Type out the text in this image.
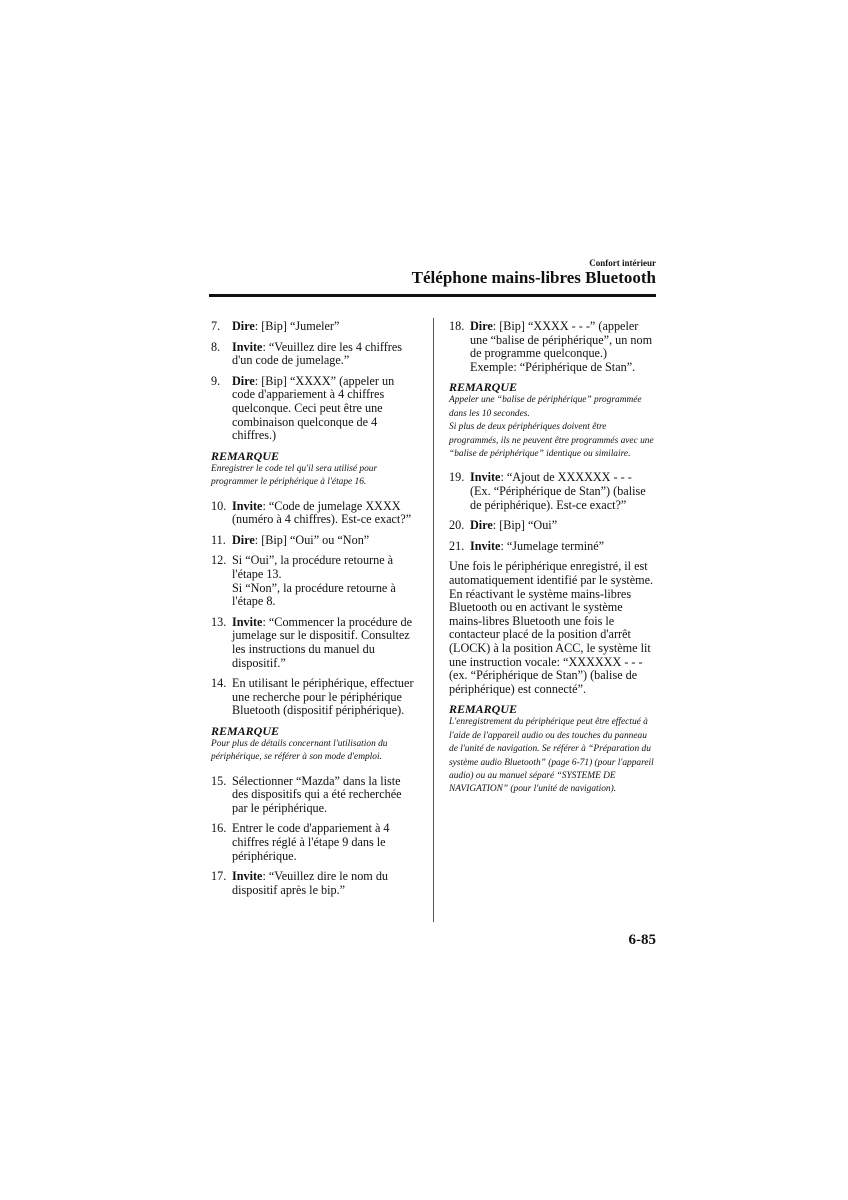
Confort intérieur
Téléphone mains-libres Bluetooth
7. Dire: [Bip] “Jumeler”
8. Invite: “Veuillez dire les 4 chiffres d'un code de jumelage.”
9. Dire: [Bip] “XXXX” (appeler un code d'appariement à 4 chiffres quelconque. Ceci peut être une combinaison quelconque de 4 chiffres.)
REMARQUE
Enregistrer le code tel qu'il sera utilisé pour programmer le périphérique à l'étape 16.
10. Invite: “Code de jumelage XXXX (numéro à 4 chiffres). Est-ce exact?”
11. Dire: [Bip] “Oui” ou “Non”
12. Si “Oui”, la procédure retourne à l'étape 13.
Si “Non”, la procédure retourne à l'étape 8.
13. Invite: “Commencer la procédure de jumelage sur le dispositif. Consultez les instructions du manuel du dispositif.”
14. En utilisant le périphérique, effectuer une recherche pour le périphérique Bluetooth (dispositif périphérique).
REMARQUE
Pour plus de détails concernant l'utilisation du périphérique, se référer à son mode d'emploi.
15. Sélectionner “Mazda” dans la liste des dispositifs qui a été recherchée par le périphérique.
16. Entrer le code d'appariement à 4 chiffres réglé à l'étape 9 dans le périphérique.
17. Invite: “Veuillez dire le nom du dispositif après le bip.”
18. Dire: [Bip] “XXXX - - -” (appeler une “balise de périphérique”, un nom de programme quelconque.)
Exemple: “Périphérique de Stan”.
REMARQUE
Appeler une “balise de périphérique” programmée dans les 10 secondes.
Si plus de deux périphériques doivent être programmés, ils ne peuvent être programmés avec une “balise de périphérique” identique ou similaire.
19. Invite: “Ajout de XXXXXX - - - (Ex. “Périphérique de Stan”) (balise de périphérique). Est-ce exact?”
20. Dire: [Bip] “Oui”
21. Invite: “Jumelage terminé”
Une fois le périphérique enregistré, il est automatiquement identifié par le système. En réactivant le système mains-libres Bluetooth ou en activant le système mains-libres Bluetooth une fois le contacteur placé de la position d'arrêt (LOCK) à la position ACC, le système lit une instruction vocale: “XXXXXX - - - (ex. “Périphérique de Stan”) (balise de périphérique) est connecté”.
REMARQUE
L'enregistrement du périphérique peut être effectué à l'aide de l'appareil audio ou des touches du panneau de l'unité de navigation. Se référer à “Préparation du système audio Bluetooth” (page 6-71) (pour l'appareil audio) ou au manuel séparé “SYSTEME DE NAVIGATION” (pour l'unité de navigation).
6-85
